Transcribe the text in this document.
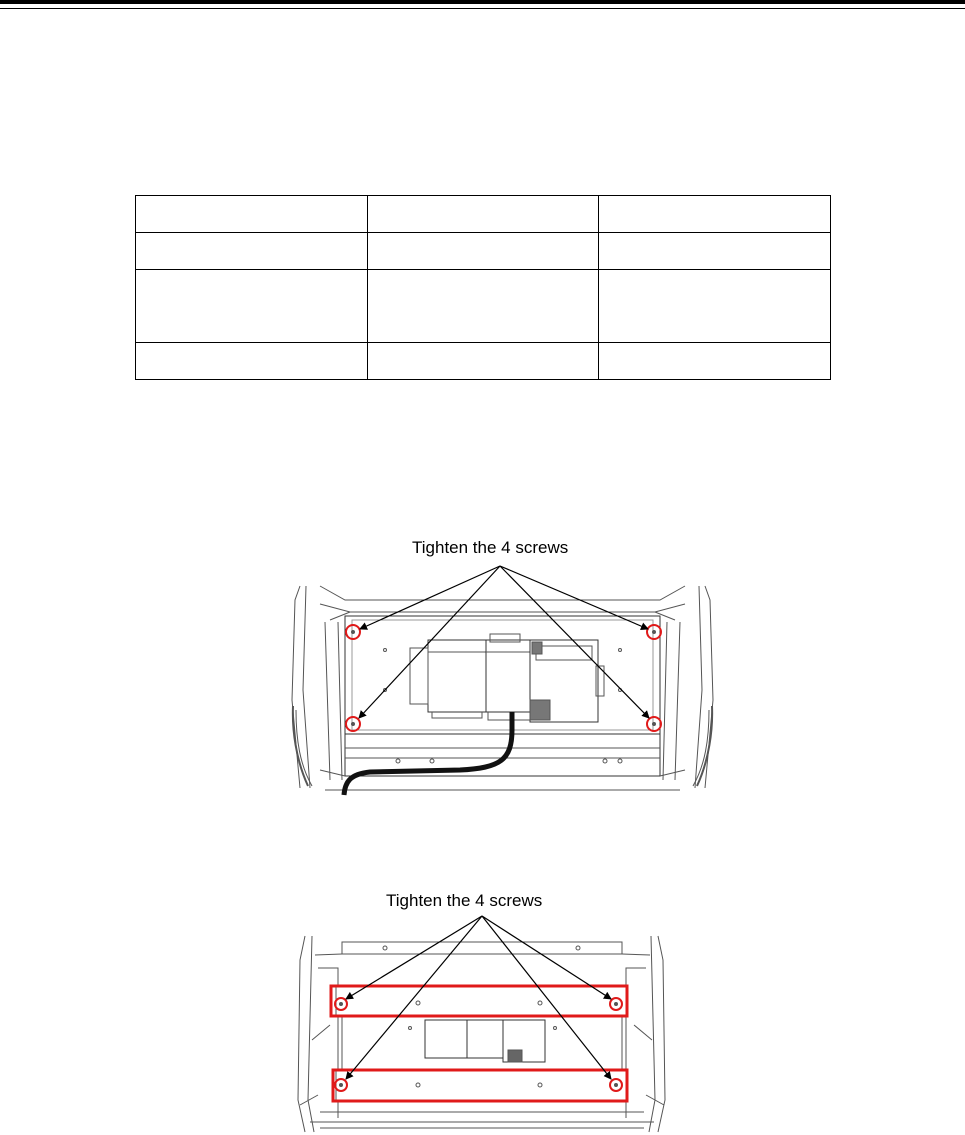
Tighten the 4 screws
Tighten the 4 screws
